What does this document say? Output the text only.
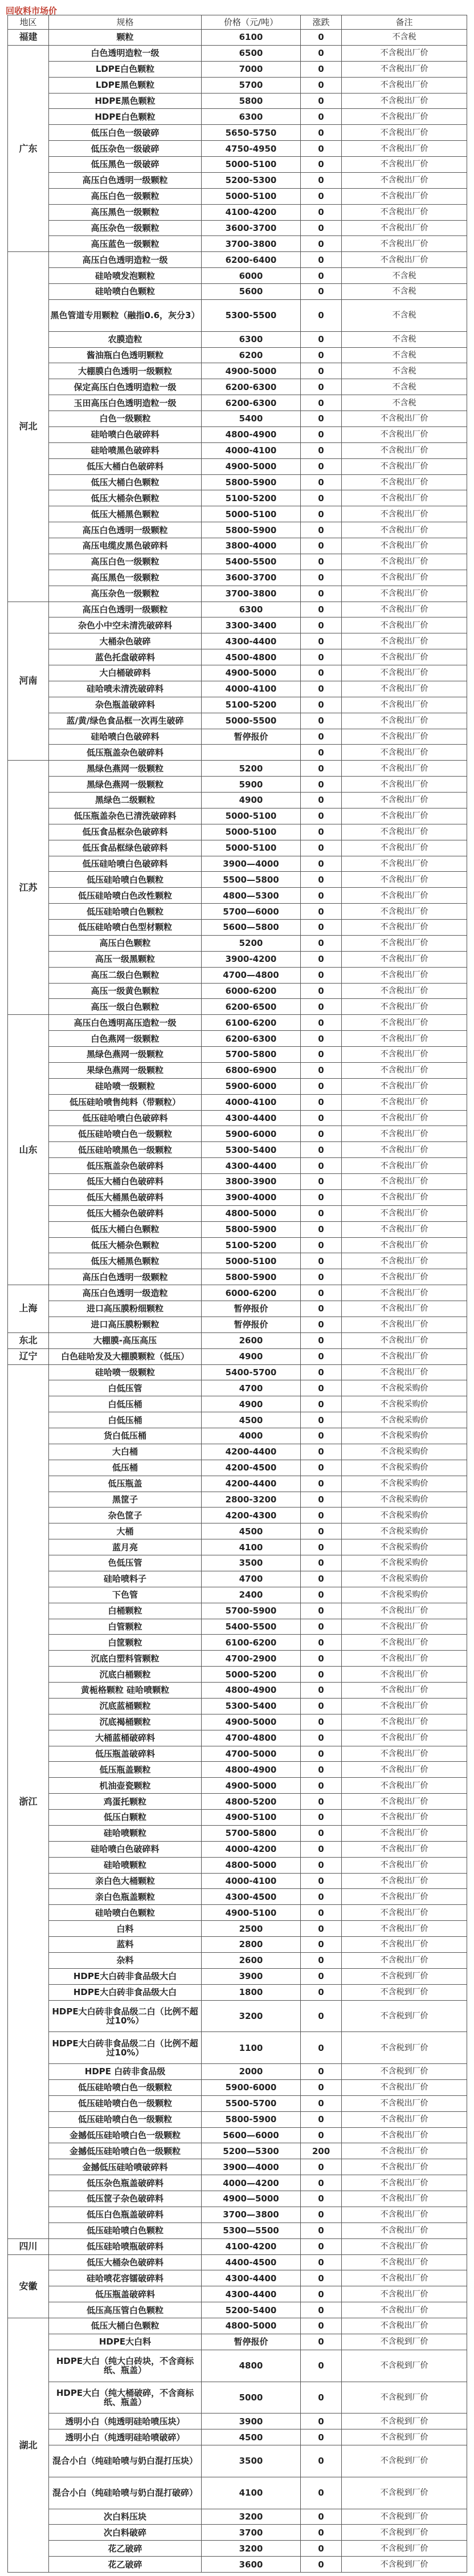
回收料市场价
地区	规格	价格（元/吨）	涨跌	备注
福建	颗粒	6100	0	不含税
广东	白色透明造粒一级	6500	0	不含税出厂价
	LDPE白色颗粒	7000	0	不含税出厂价
	LDPE黑色颗粒	5700	0	不含税出厂价
	HDPE黑色颗粒	5800	0	不含税出厂价
	HDPE白色颗粒	6300	0	不含税出厂价
	低压白色一级破碎	5650-5750	0	不含税出厂价
	低压杂色一级破碎	4750-4950	0	不含税出厂价
	低压黑色一级破碎	5000-5100	0	不含税出厂价
	高压白色透明一级颗粒	5200-5300	0	不含税出厂价
	高压白色一级颗粒	5000-5100	0	不含税出厂价
	高压黑色一级颗粒	4100-4200	0	不含税出厂价
	高压杂色一级颗粒	3600-3700	0	不含税出厂价
	高压蓝色一级颗粒	3700-3800	0	不含税出厂价
河北	高压白色透明造粒一级	6200-6400	0	不含税出厂价
	硅哈喷发泡颗粒	6000	0	不含税
	硅哈喷白色颗粒	5600	0	不含税
	黑色管道专用颗粒（融指0.6，灰分3）	5300-5500	0	不含税
	农膜造粒	6300	0	不含税
	酱油瓶白色透明颗粒	6200	0	不含税
	大棚膜白色透明一级颗粒	4900-5000	0	不含税
	保定高压白色透明造粒一级	6200-6300	0	不含税
	玉田高压白色透明造粒一级	6200-6300	0	不含税
	白色一级颗粒	5400	0	不含税出厂价
	硅哈喷白色破碎料	4800-4900	0	不含税出厂价
	硅哈喷黑色破碎料	4000-4100	0	不含税出厂价
	低压大桶白色破碎料	4900-5000	0	不含税出厂价
	低压大桶白色颗粒	5800-5900	0	不含税出厂价
	低压大桶杂色颗粒	5100-5200	0	不含税出厂价
	低压大桶黑色颗粒	5000-5100	0	不含税出厂价
	高压白色透明一级颗粒	5800-5900	0	不含税出厂价
	高压电缆皮黑色破碎料	3800-4000	0	不含税出厂价
	高压白色一级颗粒	5400-5500	0	不含税出厂价
	高压黑色一级颗粒	3600-3700	0	不含税出厂价
	高压杂色一级颗粒	3700-3800	0	不含税出厂价
河南	高压白色透明一级颗粒	6300	0	不含税出厂价
	杂色小中空未清洗破碎料	3300-3400	0	不含税出厂价
	大桶杂色破碎	4300-4400	0	不含税出厂价
	蓝色托盘破碎料	4500-4800	0	不含税出厂价
	大白桶破碎料	4900-5000	0	不含税出厂价
	硅哈喷未清洗破碎料	4000-4100	0	不含税出厂价
	杂色瓶盖破碎料	5100-5200	0	不含税出厂价
	蓝/黄/绿色食品框一次再生破碎	5000-5500	0	不含税出厂价
	硅哈喷白色破碎料	暂停报价	0	不含税出厂价
	低压瓶盖杂色破碎料		0	不含税出厂价
江苏	黑绿色燕网一级颗粒	5200	0	不含税出厂价
	黑绿色燕网一级颗粒	5900	0	不含税出厂价
	黑绿色二级颗粒	4900	0	不含税出厂价
	低压瓶盖杂色已清洗破碎料	5000-5100	0	不含税出厂价
	低压食品框杂色破碎料	5000-5100	0	不含税出厂价
	低压食品框绿色破碎料	5000-5100	0	不含税出厂价
	低压硅哈喷白色破碎料	3900—4000	0	不含税出厂价
	低压硅哈喷白色颗粒	5500—5800	0	不含税出厂价
	低压硅哈喷白色改性颗粒	4800—5300	0	不含税出厂价
	低压硅哈喷白色颗粒	5700—6000	0	不含税出厂价
	低压硅哈喷白色型材颗粒	5600—5800	0	不含税出厂价
	高压白色颗粒	5200	0	不含税出厂价
	高压一级黑颗粒	3900-4200	0	不含税出厂价
	高压二级白色颗粒	4700—4800	0	不含税出厂价
	高压一级黄色颗粒	6000-6200	0	不含税出厂价
	高压一级白色颗粒	6200-6500	0	不含税出厂价
山东	高压白色透明高压造粒一级	6100-6200	0	不含税出厂价
	白色燕网一级颗粒	6200-6300	0	不含税出厂价
	黑绿色燕网一级颗粒	5700-5800	0	不含税出厂价
	果绿色燕网一级颗粒	6800-6900	0	不含税出厂价
	硅哈喷一级颗粒	5900-6000	0	不含税出厂价
	低压硅哈喷售纯料（带颗粒）	4000-4100	0	不含税出厂价
	低压硅哈喷白色破碎料	4300-4400	0	不含税出厂价
	低压硅哈喷白色一级颗粒	5900-6000	0	不含税出厂价
	低压硅哈喷黑色一级颗粒	5300-5400	0	不含税出厂价
	低压瓶盖杂色破碎料	4300-4400	0	不含税出厂价
	低压大桶白色破碎料	3800-3900	0	不含税出厂价
	低压大桶黑色破碎料	3900-4000	0	不含税出厂价
	低压大桶杂色破碎料	4800-5000	0	不含税出厂价
	低压大桶白色颗粒	5800-5900	0	不含税出厂价
	低压大桶杂色颗粒	5100-5200	0	不含税出厂价
	低压大桶黑色颗粒	5000-5100	0	不含税出厂价
	高压白色透明一级颗粒	5800-5900	0	不含税出厂价
上海	高压白色透明一级造粒	6000-6200	0	不含税出厂价
	进口高压膜粉细颗粒	暂停报价	0	不含税出厂价
	进口高压膜粉颗粒	暂停报价	0	不含税出厂价
东北	大棚膜-高压高压	2600	0	不含税出厂价
辽宁	白色硅哈发及大棚膜颗粒（低压）	4900	0	不含税出厂价
浙江	硅哈喷一级颗粒	5400-5700	0	不含税出厂价
	白低压管	4700	0	不含税采购价
	白低压桶	4900	0	不含税采购价
	白低压桶	4500	0	不含税采购价
	货白低压桶	4000	0	不含税采购价
	大白桶	4200-4400	0	不含税采购价
	低压桶	4200-4500	0	不含税采购价
	低压瓶盖	4200-4400	0	不含税采购价
	黑筐子	2800-3200	0	不含税采购价
	杂色筐子	4200-4300	0	不含税采购价
	大桶	4500	0	不含税采购价
	蓝月亮	4100	0	不含税采购价
	色低压管	3500	0	不含税采购价
	硅哈喷料子	4700	0	不含税采购价
	下色管	2400	0	不含税采购价
	白桶颗粒	5700-5900	0	不含税出厂价
	白管颗粒	5400-5500	0	不含税出厂价
	白筐颗粒	6100-6200	0	不含税出厂价
	沉底白塑料管颗粒	4700-2900	0	不含税出厂价
	沉底白桶颗粒	5000-5200	0	不含税出厂价
	黄栀格颗粒 硅哈喷颗粒	4800-4900	0	不含税出厂价
	沉底蓝桶颗粒	5300-5400	0	不含税出厂价
	沉底褐桶颗粒	4900-5000	0	不含税出厂价
	大桶蓝桶破碎料	4700-4800	0	不含税出厂价
	低压瓶盖破碎料	4700-5000	0	不含税出厂价
	低压瓶盖颗粒	4800-4900	0	不含税出厂价
	机油壶瓷颗粒	4900-5000	0	不含税出厂价
	鸡蛋托颗粒	4800-5200	0	不含税出厂价
	低压白颗粒	4900-5100	0	不含税出厂价
	硅哈喷颗粒	5700-5800	0	不含税出厂价
	硅哈喷白色破碎料	4000-4200	0	不含税出厂价
	硅哈喷颗粒	4800-5000	0	不含税出厂价
	亲白色大桶颗粒	4000-4100	0	不含税出厂价
	亲白色瓶盖颗粒	4300-4500	0	不含税出厂价
	硅哈喷白色颗粒	4900-5100	0	不含税出厂价
	白料	2500	0	不含税出厂价
	蓝料	2800	0	不含税出厂价
	杂料	2600	0	不含税出厂价
	HDPE大白砖非食品级大白	3900	0	不含税到厂价
	HDPE大白砖非食品级大白	1800	0	不含税到厂价
	HDPE大白砖非食品级二白（比例不超过10%）	3200	0	不含税到厂价
	HDPE大白砖非食品级二白（比例不超过10%）	1100	0	不含税到厂价
	HDPE 白砖非食品级	2000	0	不含税到厂价
	低压硅哈喷白色一级颗粒	5900-6000	0	不含税出厂价
	低压硅哈喷白色一级颗粒	5500-5700	0	不含税出厂价
	低压硅哈喷白色一级颗粒	5800-5900	0	不含税出厂价
	金撼低压硅哈喷白色一级颗粒	5600—6000	0	不含税出厂价
	金撼低压硅哈喷白色一级颗粒	5200—5300	200	不含税出厂价
	金撼低压硅哈喷破碎料	3900—4000	0	不含税出厂价
	低压杂色瓶盖破碎料	4000—4200	0	不含税出厂价
	低压筐子杂色破碎料	4900—5000	0	不含税出厂价
	低压白色瓶盖破碎料	3700—3800	0	不含税出厂价
	低压硅哈喷白色颗粒	5300—5500	0	不含税出厂价
四川	低压硅哈喷瓶破碎料	4100-4200	0	不含税出厂价
安徽	低压大桶杂色破碎料	4400-4500	0	不含税出厂价
	硅哈喷花容镭破碎料	4300-4400	0	不含税出厂价
	低压瓶盖破碎料	4300-4400	0	不含税出厂价
	低压高压管白色颗粒	5200-5400	0	不含税出厂价
湖北	低压大桶白色颗粒	4800-5000	0	不含税出厂价
	HDPE大白料	暂停报价	0	不含税到厂价
	HDPE大白（纯大白砖块，不含商标纸、瓶盖）	4800	0	不含税到厂价
	HDPE大白（纯大桶破碎，不含商标纸、瓶盖）	5000	0	不含税到厂价
	透明小白（纯透明硅哈喷压块）	3900	0	不含税到厂价
	透明小白（纯透明硅哈喷破碎）	4500	0	不含税到厂价
	混合小白（纯硅哈喷与奶白混打压块）	3500	0	不含税到厂价
	混合小白（纯硅哈喷与奶白混打破碎）	4100	0	不含税到厂价
	次白料压块	3200	0	不含税到厂价
	次白料破碎	3700	0	不含税到厂价
	花乙破碎	3200	0	不含税到厂价
	花乙破碎	3600	0	不含税到厂价
